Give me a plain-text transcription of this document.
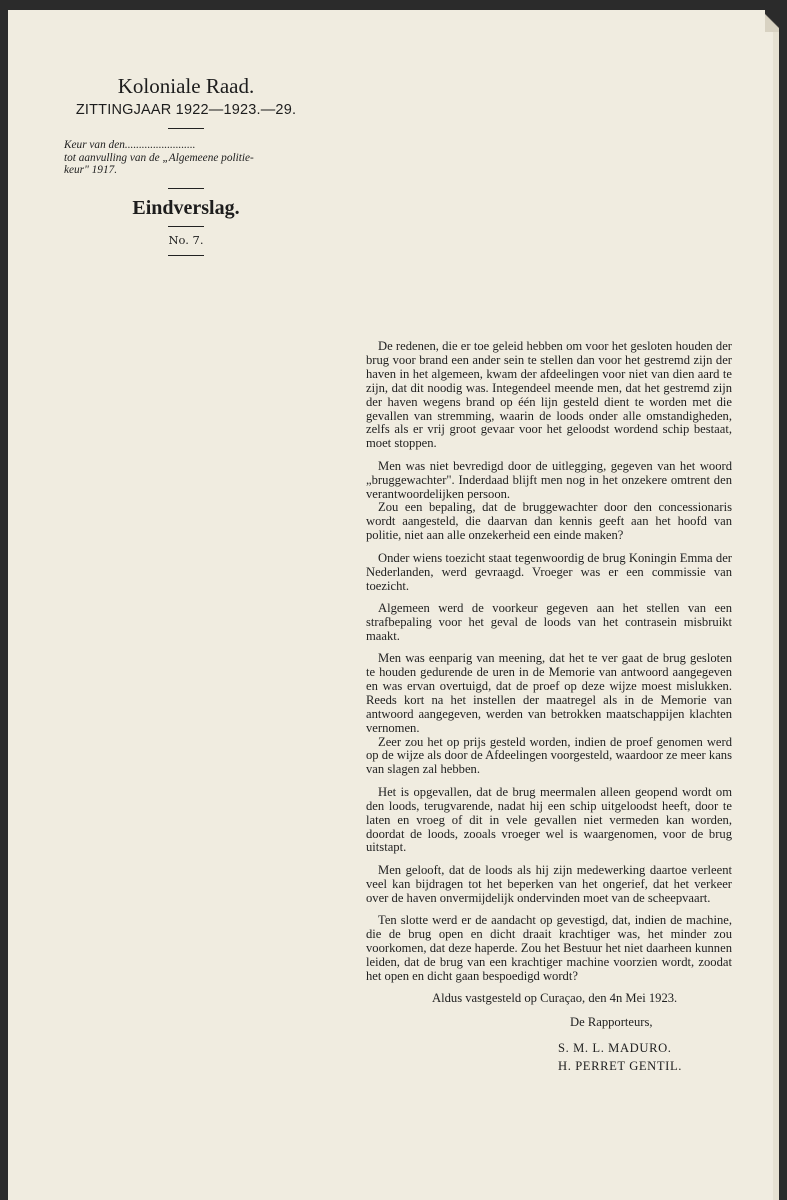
Koloniale Raad.

ZITTINGJAAR 1922—1923.—29.

Keur van den.........................

tot aanvulling van de „Algemeene politie-

keur" 1917.

Eindverslag.

No. 7.

De redenen, die er toe geleid hebben om voor het gesloten houden der brug voor brand een ander sein te stellen dan voor het gestremd zijn der haven in het algemeen, kwam der afdeelingen voor niet van dien aard te zijn, dat dit noodig was. Integendeel meende men, dat het gestremd zijn der haven wegens brand op één lijn gesteld dient te worden met die gevallen van stremming, waarin de loods onder alle omstandigheden, zelfs als er vrij groot gevaar voor het geloodst wordend schip bestaat, moet stoppen.

Men was niet bevredigd door de uitlegging, gegeven van het woord „bruggewachter". Inderdaad blijft men nog in het onzekere omtrent den verantwoordelijken persoon.

Zou een bepaling, dat de bruggewachter door den concessionaris wordt aangesteld, die daarvan dan kennis geeft aan het hoofd van politie, niet aan alle onzekerheid een einde maken?

Onder wiens toezicht staat tegenwoordig de brug Koningin Emma der Nederlanden, werd gevraagd. Vroeger was er een commissie van toezicht.

Algemeen werd de voorkeur gegeven aan het stellen van een strafbepaling voor het geval de loods van het contrasein misbruikt maakt.

Men was eenparig van meening, dat het te ver gaat de brug gesloten te houden gedurende de uren in de Memorie van antwoord aangegeven en was ervan overtuigd, dat de proef op deze wijze moest mislukken. Reeds kort na het instellen der maatregel als in de Memorie van antwoord aangegeven, werden van betrokken maatschappijen klachten vernomen.

Zeer zou het op prijs gesteld worden, indien de proef genomen werd op de wijze als door de Afdeelingen voorgesteld, waardoor ze meer kans van slagen zal hebben.

Het is opgevallen, dat de brug meermalen alleen geopend wordt om den loods, terugvarende, nadat hij een schip uitgeloodst heeft, door te laten en vroeg of dit in vele gevallen niet vermeden kan worden, doordat de loods, zooals vroeger wel is waargenomen, voor de brug uitstapt.

Men gelooft, dat de loods als hij zijn medewerking daartoe verleent veel kan bijdragen tot het beperken van het ongerief, dat het verkeer over de haven onvermijdelijk ondervinden moet van de scheepvaart.

Ten slotte werd er de aandacht op gevestigd, dat, indien de machine, die de brug open en dicht draait krachtiger was, het minder zou voorkomen, dat deze haperde. Zou het Bestuur het niet daarheen kunnen leiden, dat de brug van een krachtiger machine voorzien wordt, zoodat het open en dicht gaan bespoedigd wordt?

Aldus vastgesteld op Curaçao, den 4n Mei 1923.
De Rapporteurs,
S. M. L. MADURO.
H. PERRET GENTIL.
